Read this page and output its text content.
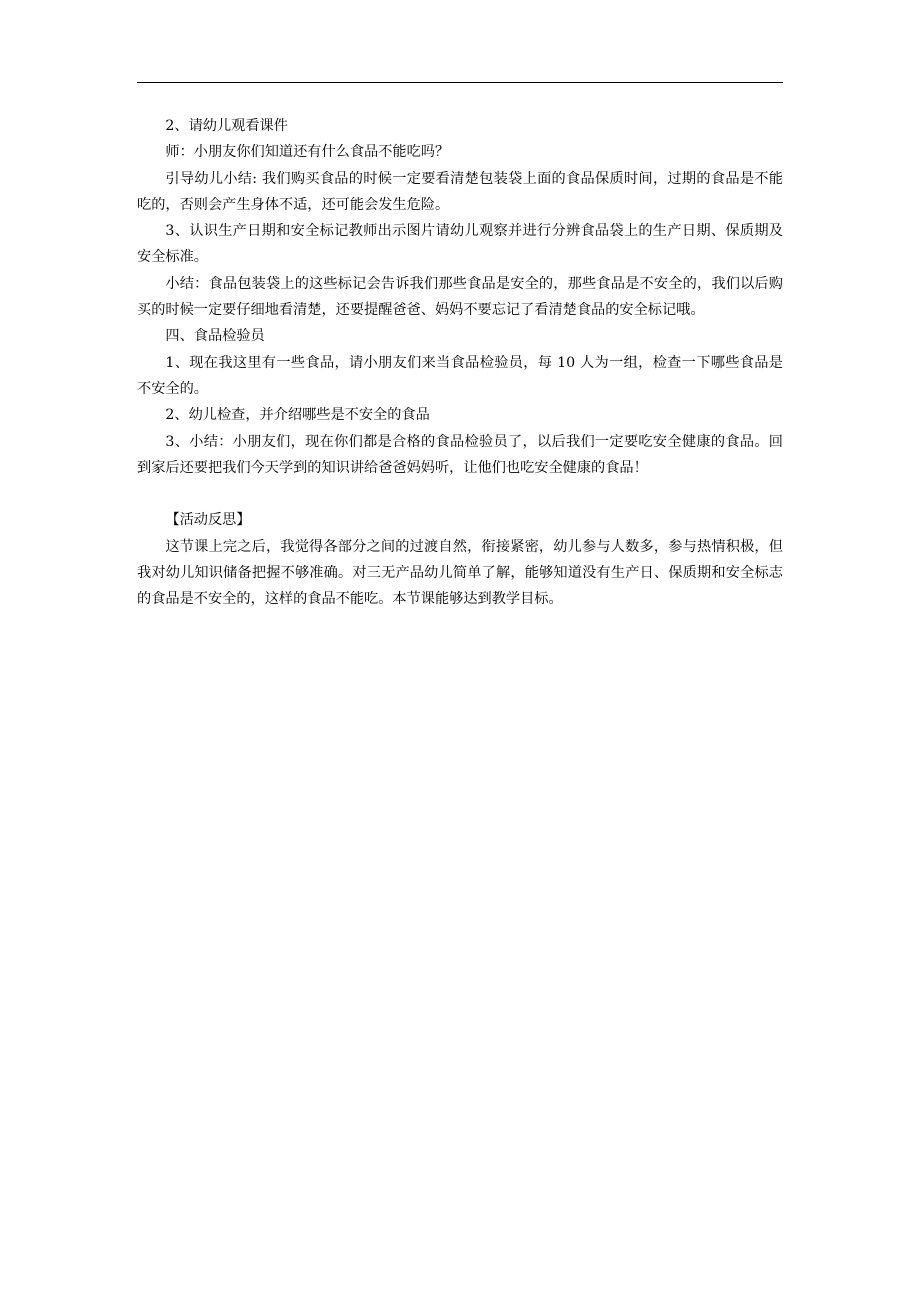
2、请幼儿观看课件

师：小朋友你们知道还有什么食品不能吃吗？

引导幼儿小结: 我们购买食品的时候一定要看清楚包装袋上面的食品保质时间，过期的食品是不能吃的，否则会产生身体不适，还可能会发生危险。

3、认识生产日期和安全标记教师出示图片请幼儿观察并进行分辨食品袋上的生产日期、保质期及安全标准。

小结：食品包装袋上的这些标记会告诉我们那些食品是安全的，那些食品是不安全的，我们以后购买的时候一定要仔细地看清楚，还要提醒爸爸、妈妈不要忘记了看清楚食品的安全标记哦。

四、食品检验员

1、现在我这里有一些食品，请小朋友们来当食品检验员，每 10 人为一组，检查一下哪些食品是不安全的。

2、幼儿检查，并介绍哪些是不安全的食品

3、小结：小朋友们，现在你们都是合格的食品检验员了，以后我们一定要吃安全健康的食品。回到家后还要把我们今天学到的知识讲给爸爸妈妈听，让他们也吃安全健康的食品！

【活动反思】

这节课上完之后，我觉得各部分之间的过渡自然，衔接紧密，幼儿参与人数多，参与热情积极，但我对幼儿知识储备把握不够准确。对三无产品幼儿简单了解，能够知道没有生产日、保质期和安全标志的食品是不安全的，这样的食品不能吃。本节课能够达到教学目标。
